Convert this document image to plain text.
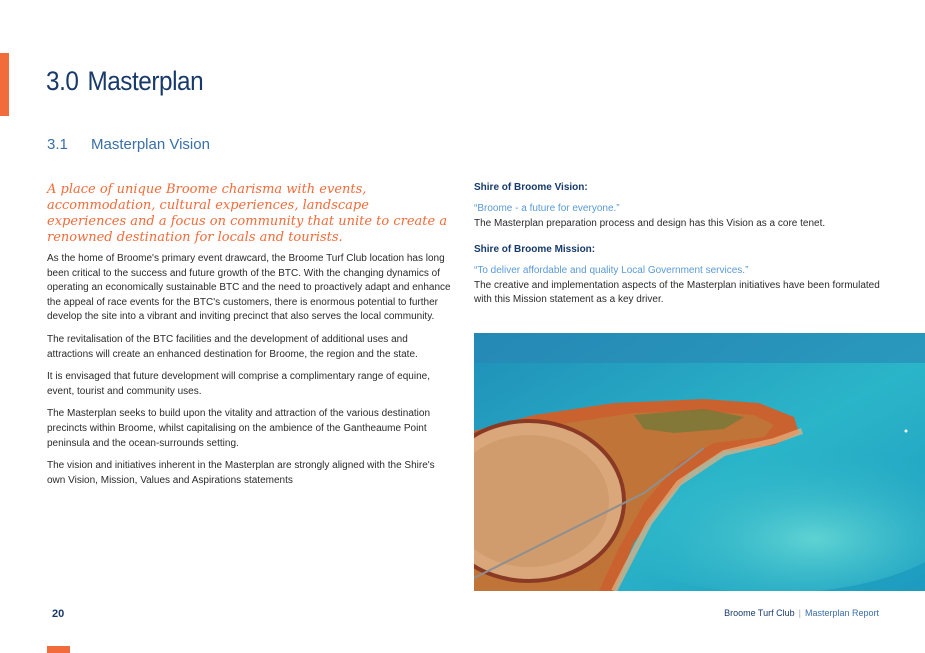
3.0 Masterplan
3.1 Masterplan Vision

A place of unique Broome charisma with events, accommodation, cultural experiences, landscape experiences and a focus on community that unite to create a renowned destination for locals and tourists.

As the home of Broome's primary event drawcard, the Broome Turf Club location has long been critical to the success and future growth of the BTC. With the changing dynamics of operating an economically sustainable BTC and the need to proactively adapt and enhance the appeal of race events for the BTC's customers, there is enormous potential to further develop the site into a vibrant and inviting precinct that also serves the local community.

The revitalisation of the BTC facilities and the development of additional uses and attractions will create an enhanced destination for Broome, the region and the state.

It is envisaged that future development will comprise a complimentary range of equine, event, tourist and community uses.

The Masterplan seeks to build upon the vitality and attraction of the various destination precincts within Broome, whilst capitalising on the ambience of the Gantheaume Point peninsula and the ocean-surrounds setting.

The vision and initiatives inherent in the Masterplan are strongly aligned with the Shire's own Vision, Mission, Values and Aspirations statements

Shire of Broome Vision:

“Broome - a future for everyone.”

The Masterplan preparation process and design has this Vision as a core tenet.

Shire of Broome Mission:

“To deliver affordable and quality Local Government services.”

The creative and implementation aspects of the Masterplan initiatives have been formulated with this Mission statement as a key driver.

20	Broome Turf Club | Masterplan Report
